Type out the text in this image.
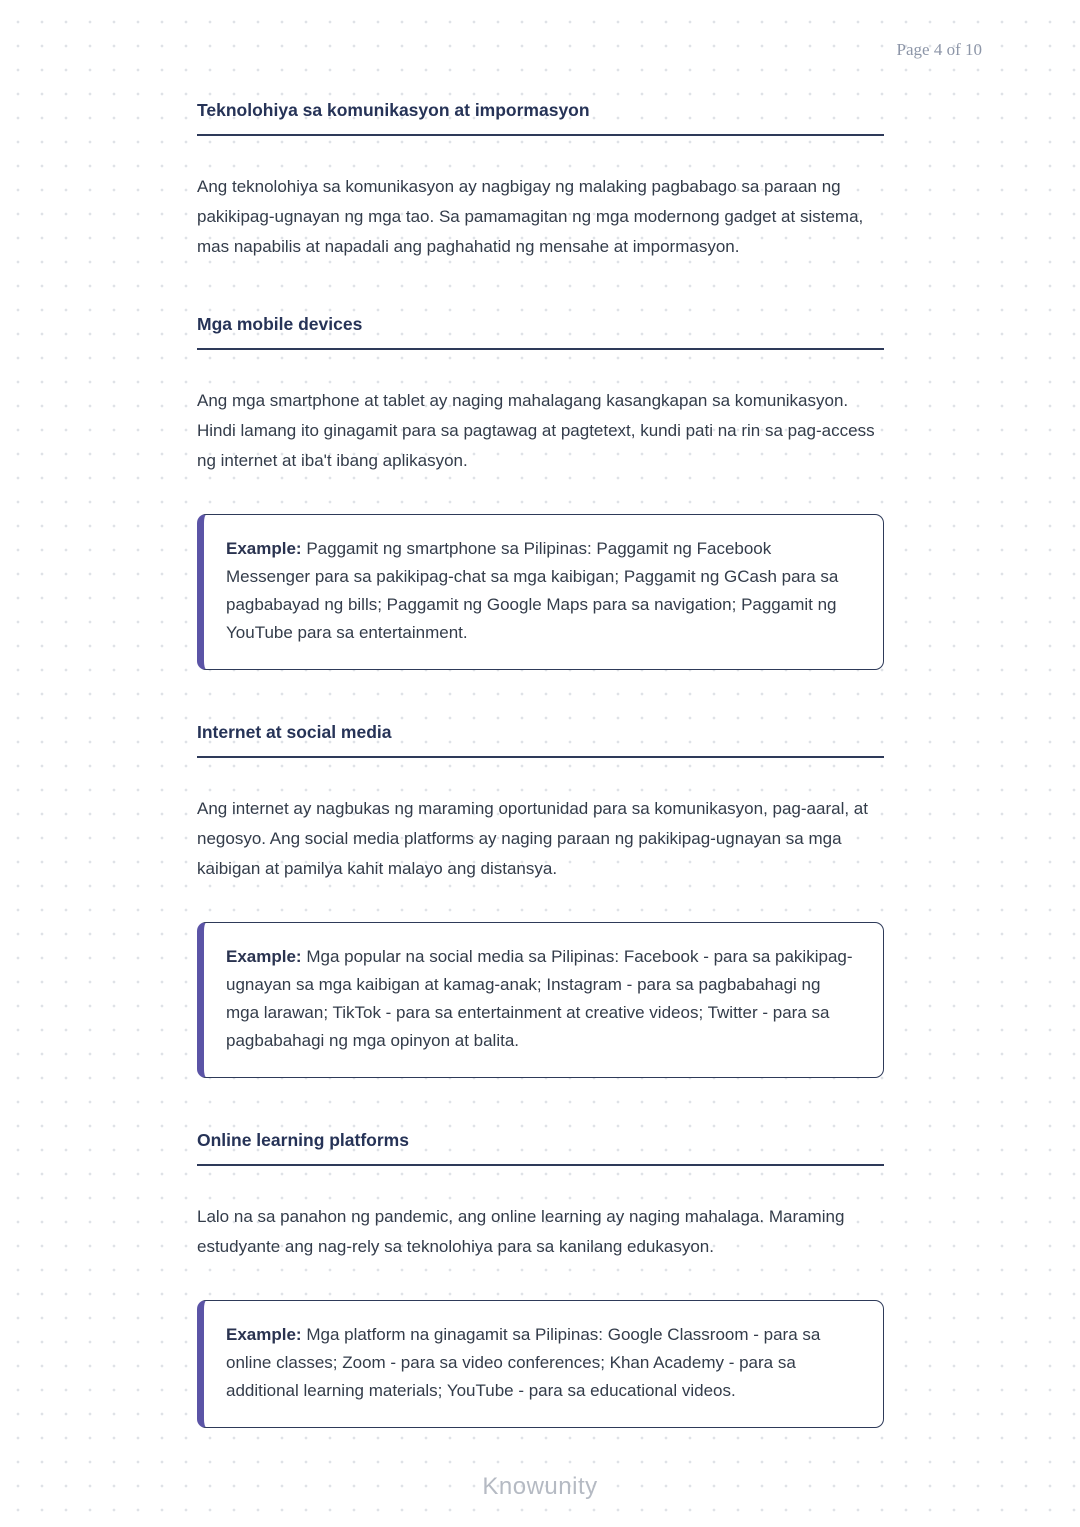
Page 4 of 10
Teknolohiya sa komunikasyon at impormasyon

Ang teknolohiya sa komunikasyon ay nagbigay ng malaking pagbabago sa paraan ng pakikipag-ugnayan ng mga tao. Sa pamamagitan ng mga modernong gadget at sistema, mas napabilis at napadali ang paghahatid ng mensahe at impormasyon.

Mga mobile devices

Ang mga smartphone at tablet ay naging mahalagang kasangkapan sa komunikasyon. Hindi lamang ito ginagamit para sa pagtawag at pagtetext, kundi pati na rin sa pag-access ng internet at iba't ibang aplikasyon.

Example: Paggamit ng smartphone sa Pilipinas: Paggamit ng Facebook Messenger para sa pakikipag-chat sa mga kaibigan; Paggamit ng GCash para sa pagbabayad ng bills; Paggamit ng Google Maps para sa navigation; Paggamit ng YouTube para sa entertainment.

Internet at social media

Ang internet ay nagbukas ng maraming oportunidad para sa komunikasyon, pag-aaral, at negosyo. Ang social media platforms ay naging paraan ng pakikipag-ugnayan sa mga kaibigan at pamilya kahit malayo ang distansya.

Example: Mga popular na social media sa Pilipinas: Facebook - para sa pakikipag-ugnayan sa mga kaibigan at kamag-anak; Instagram - para sa pagbabahagi ng mga larawan; TikTok - para sa entertainment at creative videos; Twitter - para sa pagbabahagi ng mga opinyon at balita.

Online learning platforms

Lalo na sa panahon ng pandemic, ang online learning ay naging mahalaga. Maraming estudyante ang nag-rely sa teknolohiya para sa kanilang edukasyon.

Example: Mga platform na ginagamit sa Pilipinas: Google Classroom - para sa online classes; Zoom - para sa video conferences; Khan Academy - para sa additional learning materials; YouTube - para sa educational videos.

Knowunity
